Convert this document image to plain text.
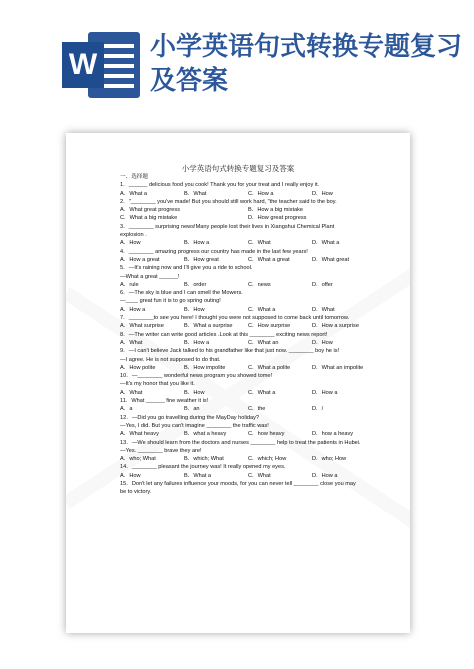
W
小学英语句式转换专题复习及答案
小学英语句式转换专题复习及答案
一、选择题
1．______ delicious food you cook! Thank you for your treat and I really enjoy it.
A．What a	B．What	C．How a	D．How
2．"________ you've made! But you should still work hard, "the teacher said to the boy.
A．What great progress	B．How a big mistake
C．What a big mistake	D．How great progress
3．________ surprising news!Many people lost their lives in Xiangshui Chemical Plant
explosion .
A．How	B．How a	C．What	D．What a
4．________ amazing progress our country has made in the last few years!
A．How a great	B．How great	C．What a great	D．What great
5．—It's raining now and I'll give you a ride to school.
—What a great ______!
A．rule	B．order	C．news	D．offer
6．—The sky is blue and I can smell the Mowers.
—____ great fun it is to go spring outing!
A．How a	B．How	C．What a	D．What
7．________to see you here! I thought you were not supposed to come back until tomorrow.
A．What surprise	B．What a surprise	C．How surprise	D．How a surprise
8．—The writer can write good articles .Look at this ________ exciting news report!
A．What	B．How a	C．What an	D．How
9．—I can't believe Jack talked to his grandfather like that just now. ________ boy he is!
—I agree. He is not supposed to do that.
A．How polite	B．How impolite	C．What a polite	D．What an impolite
10．—________ wonderful news program you showed tome!
—It's my honor that you like it.
A．What	B．How	C．What a	D．How a
11．What ______ fine weather it is!
A．a	B．an	C．the	D．/
12．—Did you go travelling during the MayDay holiday?
—Yes, I did. But you can't imagine ________ the traffic was!
A．What heavy	B．what a heavy	C．how heavy	D．how a heavy
13．—We should learn from the doctors and nurses ________ help to treat the patients in Hubei.
—Yes. ________ brave they are!
A．who; What	B．which; What	C．which; How	D．who; How
14．________ pleasant the journey was! It really opened my eyes.
A．How	B．What a	C．What	D．How a
15．Don't let any failures influence your moods, for you can never tell ________ close you may
be to victory.
